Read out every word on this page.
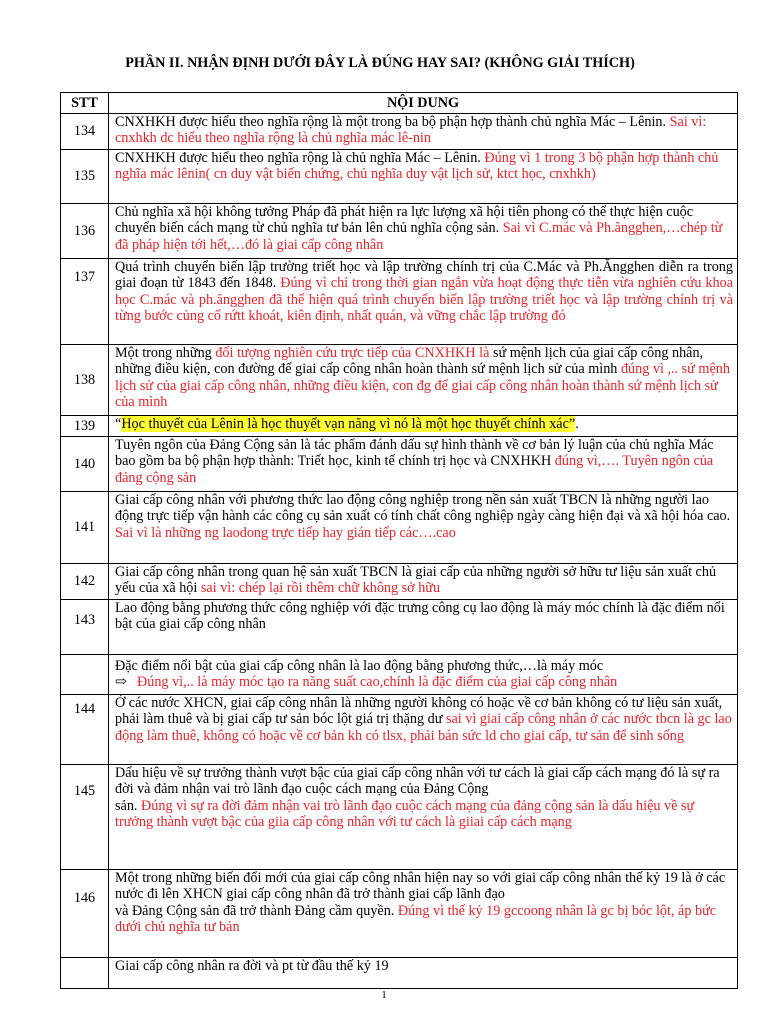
PHẦN II. NHẬN ĐỊNH DƯỚI ĐÂY LÀ ĐÚNG HAY SAI? (KHÔNG GIẢI THÍCH)
STT	NỘI DUNG
134	CNXHKH được hiểu theo nghĩa rộng là một trong ba bộ phận hợp thành chủ nghĩa Mác – Lênin. Sai vì: cnxhkh dc hiểu theo nghĩa rộng là chủ nghĩa mác lê-nin
135	CNXHKH được hiểu theo nghĩa rộng là chủ nghĩa Mác – Lênin. Đúng vì 1 trong 3 bộ phận hợp thành chủ nghĩa mác lênin( cn duy vật biến chứng, chủ nghĩa duy vật lịch sử, ktct học, cnxhkh)
136	Chủ nghĩa xã hội không tưởng Pháp đã phát hiện ra lực lượng xã hội tiên phong có thể thực hiện cuộc chuyển biến cách mạng từ chủ nghĩa tư bản lên chủ nghĩa cộng sản. Sai vì C.mác và Ph.ăngghen,…chép từ đã pháp hiện tới hết,…đó là giai cấp công nhân
137	Quá trình chuyển biến lập trường triết học và lập trường chính trị của C.Mác và Ph.Ăngghen diễn ra trong giai đoạn từ 1843 đến 1848. Đúng vì chỉ trong thời gian ngắn vừa hoạt động thực tiễn vừa nghiên cứu khoa học C.mác và ph.ăngghen đã thể hiện quá trình chuyển biến lập trường triết học và lập trường chính trị và từng bước củng cố rứtt khoát, kiên định, nhất quán, và vững chắc lập trường đó
138	Một trong những đối tượng nghiên cứu trực tiếp của CNXHKH là sứ mệnh lịch của giai cấp công nhân, những điều kiện, con đường để giai cấp công nhân hoàn thành sứ mệnh lịch sử của mình đúng vì ,.. sứ mệnh lịch sử của giai cấp công nhân, những điều kiện, con đg để giai cấp công nhân hoàn thành sứ mệnh lịch sử của mình
139	“Học thuyết của Lênin là học thuyết vạn năng vì nó là một học thuyết chính xác”.
140	Tuyên ngôn của Đảng Cộng sản là tác phẩm đánh dấu sự hình thành về cơ bản lý luận của chủ nghĩa Mác bao gồm ba bộ phận hợp thành: Triết học, kinh tế chính trị học và CNXHKH đúng vì,…. Tuyên ngôn của đảng cộng sản
141	Giai cấp công nhân với phương thức lao động công nghiệp trong nền sản xuất TBCN là những người lao động trực tiếp vận hành các công cụ sản xuất có tính chất công nghiệp ngày càng hiện đại và xã hội hóa cao. Sai vì là những ng laodong trực tiếp hay gián tiếp các….cao
142	Giai cấp công nhân trong quan hệ sản xuất TBCN là giai cấp của những người sở hữu tư liệu sản xuất chủ yếu của xã hội sai vì: chép lại rồi thêm chữ không sở hữu
143	Lao động bằng phương thức công nghiệp với đặc trưng công cụ lao động là máy móc chính là đặc điểm nổi bật của giai cấp công nhân
	Đặc điểm nổi bật của giai cấp công nhân là lao động bằng phương thức,…là máy móc
⇨ Đúng vì,.. là máy móc tạo ra năng suất cao,chính là đặc điểm của giai cấp công nhân
144	Ở các nước XHCN, giai cấp công nhân là những người không có hoặc về cơ bản không có tư liệu sản xuất, phải làm thuê và bị giai cấp tư sản bóc lột giá trị thặng dư sai vì giai cấp công nhân ở các nước tbcn là gc lao động làm thuê, không có hoặc về cơ bản kh có tlsx, phải bán sức ld cho giai cấp, tư sản để sinh sống
145	Dấu hiệu về sự trưởng thành vượt bậc của giai cấp công nhân với tư cách là giai cấp cách mạng đó là sự ra đời và đảm nhận vai trò lãnh đạo cuộc cách mạng của Đảng Cộng
sản. Đúng vì sự ra đời đảm nhận vai trò lãnh đạo cuộc cách mạng của đảng cộng sản là dấu hiệu về sự trưởng thành vượt bậc của giia cấp công nhân với tư cách là giiai cấp cách mạng
146	Một trong những biến đổi mới của giai cấp công nhân hiện nay so với giai cấp công nhân thế kỷ 19 là ở các nước đi lên XHCN giai cấp công nhân đã trở thành giai cấp lãnh đạo
và Đảng Cộng sản đã trở thành Đảng cầm quyền. Đúng vì thế kỷ 19 gccoong nhân là gc bị bóc lột, áp bức dưới chủ nghĩa tư bản
	Giai cấp công nhân ra đời và pt từ đầu thế kỷ 19
1
